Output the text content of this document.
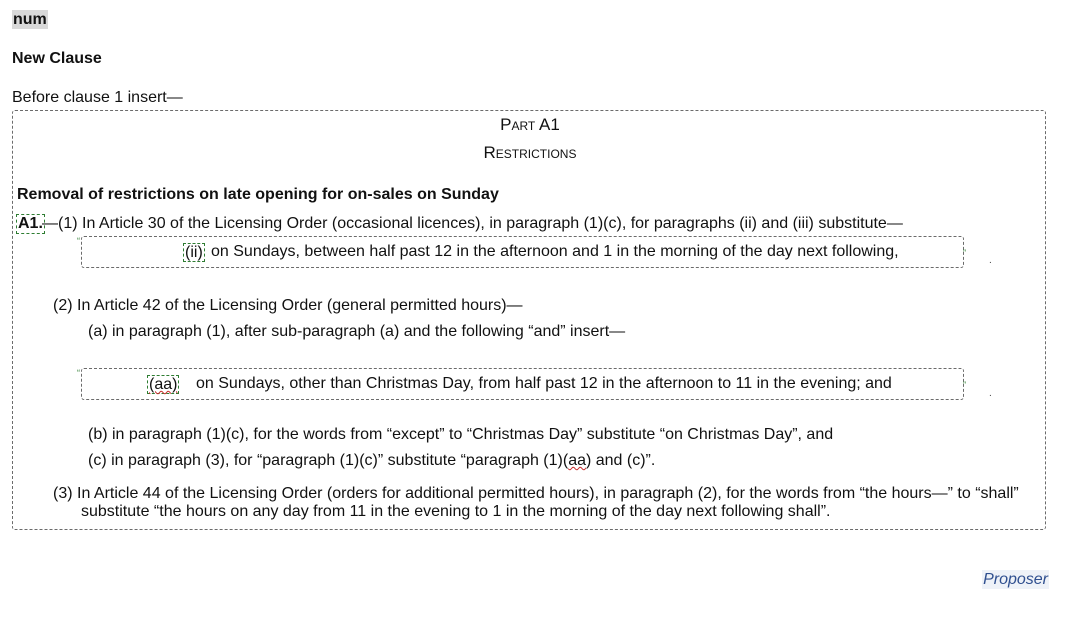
num
New Clause
Before clause 1 insert—
Part A1
Restrictions
Removal of restrictions on late opening for on-sales on Sunday
A1. —(1) In Article 30 of the Licensing Order (occasional licences), in paragraph (1)(c), for paragraphs (ii) and (iii) substitute—
“
(ii) on Sundays, between half past 12 in the afternoon and 1 in the morning of the day next following,	”
.
(2) In Article 42 of the Licensing Order (general permitted hours)—
(a) in paragraph (1), after sub-paragraph (a) and the following “and” insert—
“
(aa) on Sundays, other than Christmas Day, from half past 12 in the afternoon to 11 in the evening; and	”
.
(b) in paragraph (1)(c), for the words from “except” to “Christmas Day” substitute “on Christmas Day”, and
(c) in paragraph (3), for “paragraph (1)(c)” substitute “paragraph (1)(aa) and (c)”.
(3) In Article 44 of the Licensing Order (orders for additional permitted hours), in paragraph (2), for the words from “the hours—” to “shall”
substitute “the hours on any day from 11 in the evening to 1 in the morning of the day next following shall”.
Proposer
